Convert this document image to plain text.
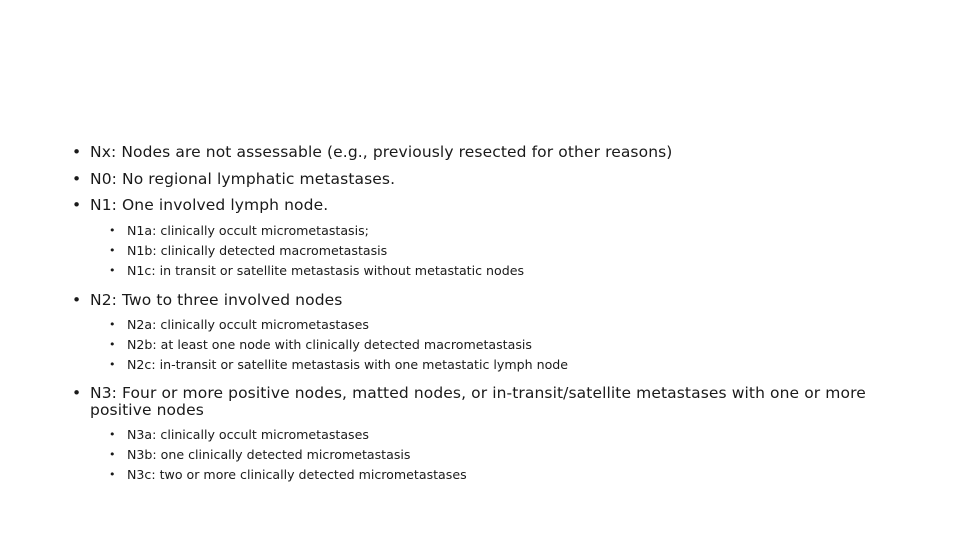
• Nx: Nodes are not assessable (e.g., previously resected for other reasons)
• N0: No regional lymphatic metastases.
• N1: One involved lymph node.
• N1a: clinically occult micrometastasis;
• N1b: clinically detected macrometastasis
• N1c: in transit or satellite metastasis without metastatic nodes
• N2: Two to three involved nodes
• N2a: clinically occult micrometastases
• N2b: at least one node with clinically detected macrometastasis
• N2c: in-transit or satellite metastasis with one metastatic lymph node
• N3: Four or more positive nodes, matted nodes, or in-transit/satellite metastases with one or more positive nodes
• N3a: clinically occult micrometastases
• N3b: one clinically detected micrometastasis
• N3c: two or more clinically detected micrometastases
